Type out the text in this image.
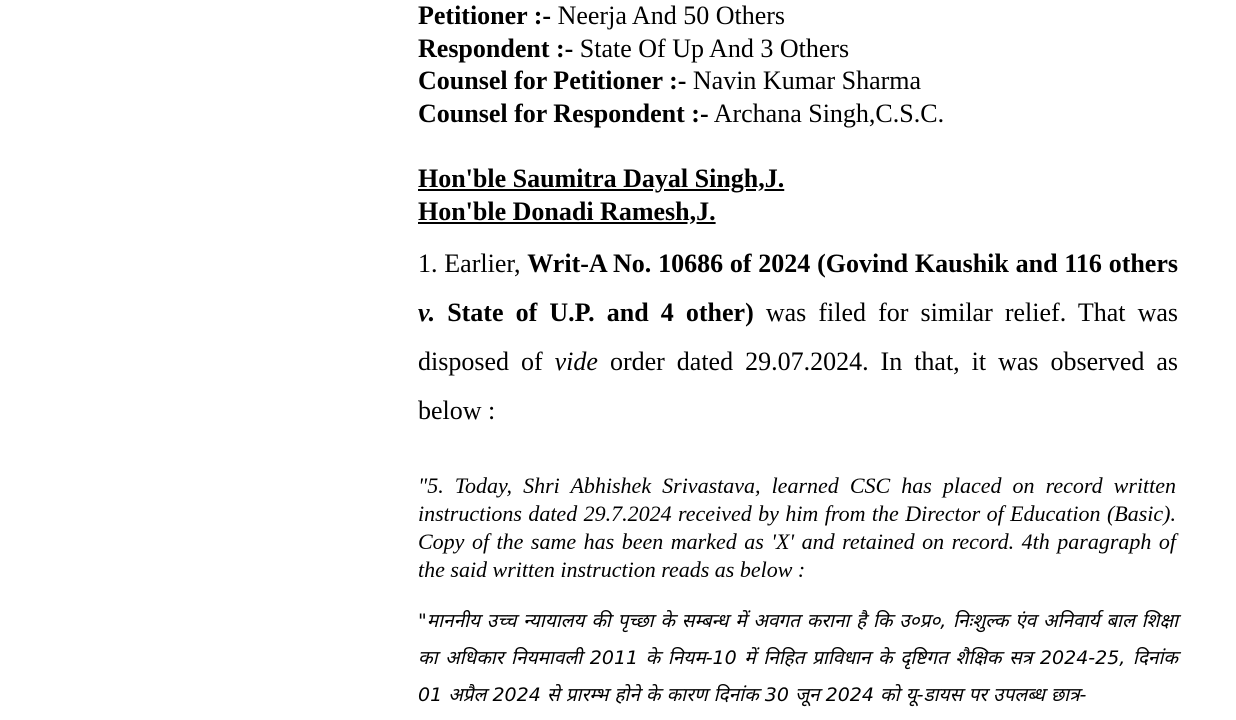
Petitioner :- Neerja And 50 Others
Respondent :- State Of Up And 3 Others
Counsel for Petitioner :- Navin Kumar Sharma
Counsel for Respondent :- Archana Singh,C.S.C.
Hon'ble Saumitra Dayal Singh,J.
Hon'ble Donadi Ramesh,J.
1. Earlier, Writ-A No. 10686 of 2024 (Govind Kaushik and 116 others v. State of U.P. and 4 other) was filed for similar relief. That was disposed of vide order dated 29.07.2024. In that, it was observed as below :
"5. Today, Shri Abhishek Srivastava, learned CSC has placed on record written instructions dated 29.7.2024 received by him from the Director of Education (Basic). Copy of the same has been marked as 'X' and retained on record. 4th paragraph of the said written instruction reads as below :
"माननीय उच्च न्यायालय की पृच्छा के सम्बन्ध में अवगत कराना है कि उ०प्र०, निःशुल्क एंव अनिवार्य बाल शिक्षा का अधिकार नियमावली 2011 के नियम-10 में निहित प्राविधान के दृष्टिगत शैक्षिक सत्र 2024-25, दिनांक 01 अप्रैल 2024 से प्रारम्भ होने के कारण दिनांक 30 जून 2024 को यू-डायस पर उपलब्ध छात्र-
